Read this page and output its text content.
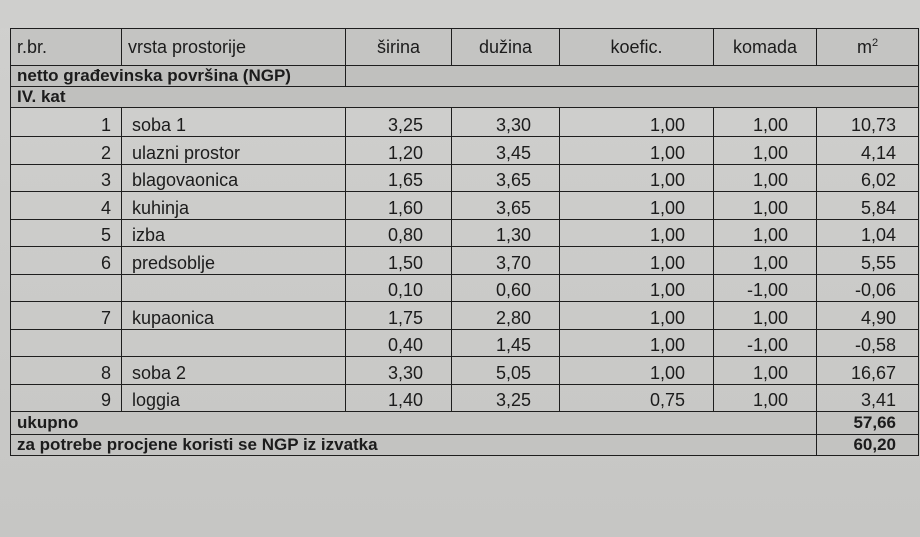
r.br.	vrsta prostorije	širina	dužina	koefic.	komada	$m^2$
netto građevinska površina (NGP)						
IV. kat						
1	soba 1	3,25	3,30	1,00	1,00	10,73
2	ulazni prostor	1,20	3,45	1,00	1,00	4,14
3	blagovaonica	1,65	3,65	1,00	1,00	6,02
4	kuhinja	1,60	3,65	1,00	1,00	5,84
5	izba	0,80	1,30	1,00	1,00	1,04
6	predsoblje	1,50	3,70	1,00	1,00	5,55
		0,10	0,60	1,00	-1,00	-0,06
7	kupaonica	1,75	2,80	1,00	1,00	4,90
		0,40	1,45	1,00	-1,00	-0,58
8	soba 2	3,30	5,05	1,00	1,00	16,67
9	loggia	1,40	3,25	0,75	1,00	3,41
ukupno						57,66
za potrebe procjene koristi se NGP iz izvatka						60,20
